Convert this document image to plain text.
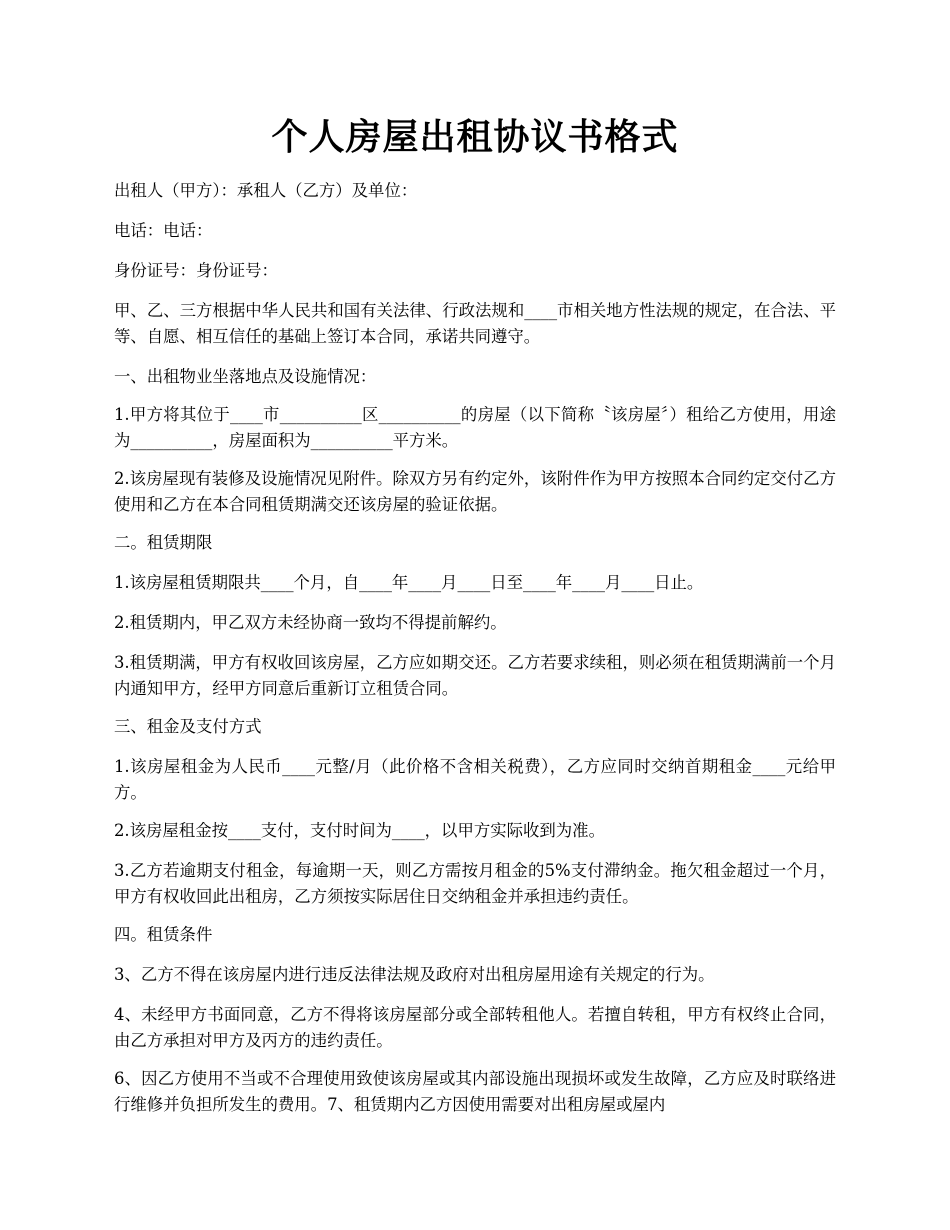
个人房屋出租协议书格式

出租人（甲方）：承租人（乙方）及单位：

电话：电话：

身份证号：身份证号：

甲、乙、三方根据中华人民共和国有关法律、行政法规和____市相关地方性法规的规定，在合法、平等、自愿、相互信任的基础上签订本合同，承诺共同遵守。

一、出租物业坐落地点及设施情况：

1.甲方将其位于____市__________区__________的房屋（以下简称〝该房屋〞）租给乙方使用，用途为__________，房屋面积为__________平方米。

2.该房屋现有装修及设施情况见附件。除双方另有约定外，该附件作为甲方按照本合同约定交付乙方使用和乙方在本合同租赁期满交还该房屋的验证依据。

二。租赁期限

1.该房屋租赁期限共____个月，自____年____月____日至____年____月____日止。

2.租赁期内，甲乙双方未经协商一致均不得提前解约。

3.租赁期满，甲方有权收回该房屋，乙方应如期交还。乙方若要求续租，则必须在租赁期满前一个月内通知甲方，经甲方同意后重新订立租赁合同。

三、租金及支付方式

1.该房屋租金为人民币____元整/月（此价格不含相关税费），乙方应同时交纳首期租金____元给甲方。

2.该房屋租金按____支付，支付时间为____，以甲方实际收到为准。

3.乙方若逾期支付租金，每逾期一天，则乙方需按月租金的5%支付滞纳金。拖欠租金超过一个月，甲方有权收回此出租房，乙方须按实际居住日交纳租金并承担违约责任。

四。租赁条件

3、乙方不得在该房屋内进行违反法律法规及政府对出租房屋用途有关规定的行为。

4、未经甲方书面同意，乙方不得将该房屋部分或全部转租他人。若擅自转租，甲方有权终止合同，由乙方承担对甲方及丙方的违约责任。

6、因乙方使用不当或不合理使用致使该房屋或其内部设施出现损坏或发生故障，乙方应及时联络进行维修并负担所发生的费用。7、租赁期内乙方因使用需要对出租房屋或屋内
